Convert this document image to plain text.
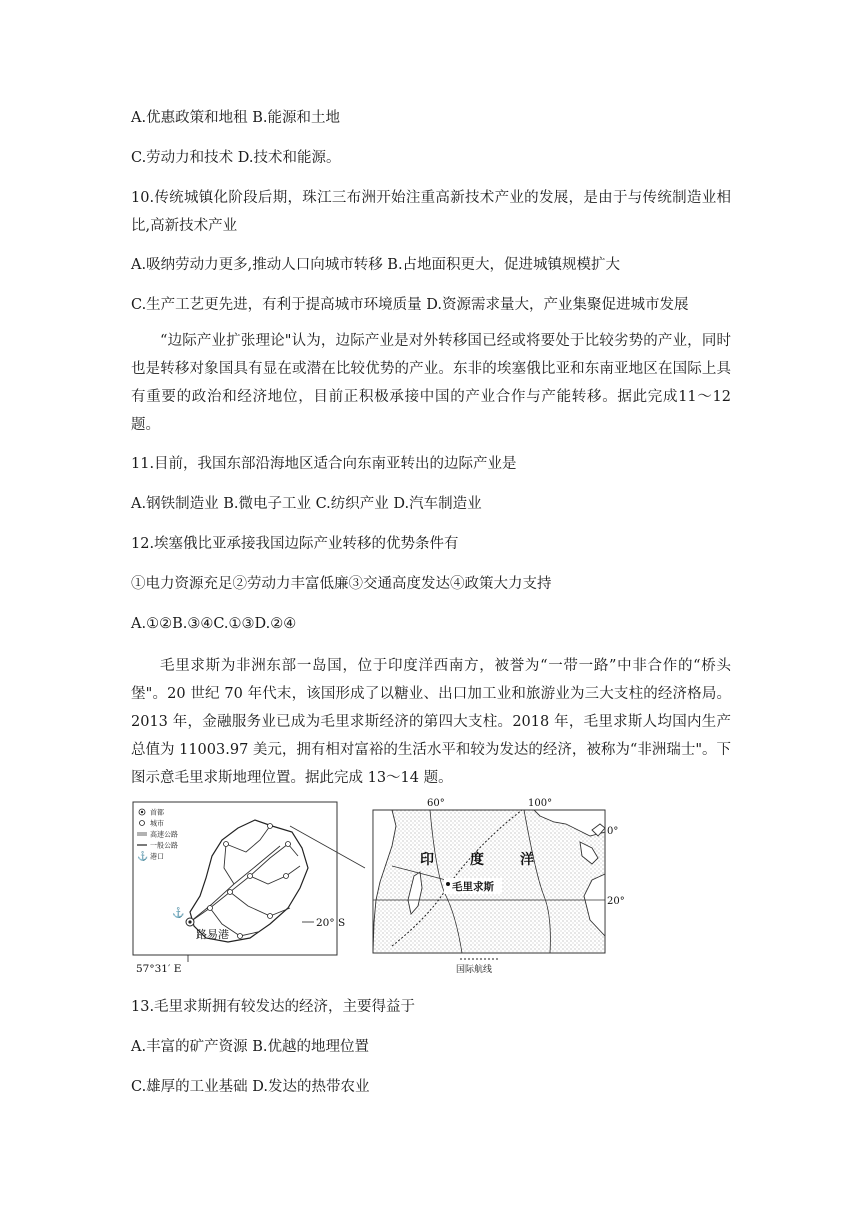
A.优惠政策和地租 B.能源和土地
C.劳动力和技术 D.技术和能源。
10.传统城镇化阶段后期，珠江三布洲开始注重高新技术产业的发展，是由于与传统制造业相比,高新技术产业
A.吸纳劳动力更多,推动人口向城市转移 B.占地面积更大，促进城镇规模扩大
C.生产工艺更先进，有利于提高城市环境质量 D.资源需求量大，产业集聚促进城市发展
“边际产业扩张理论"认为，边际产业是对外转移国已经或将要处于比较劣势的产业，同时也是转移对象国具有显在或潜在比较优势的产业。东非的埃塞俄比亚和东南亚地区在国际上具有重要的政治和经济地位，目前正积极承接中国的产业合作与产能转移。据此完成11～12 题。
11.目前，我国东部沿海地区适合向东南亚转出的边际产业是
A.钢铁制造业 B.微电子工业 C.纺织产业 D.汽车制造业
12.埃塞俄比亚承接我国边际产业转移的优势条件有
①电力资源充足②劳动力丰富低廉③交通高度发达④政策大力支持
A.①②B.③④C.①③D.②④
毛里求斯为非洲东部一岛国，位于印度洋西南方，被誉为“一带一路”中非合作的“桥头堡"。20 世纪 70 年代末，该国形成了以糖业、出口加工业和旅游业为三大支柱的经济格局。2013 年，金融服务业已成为毛里求斯经济的第四大支柱。2018 年，毛里求斯人均国内生产总值为 11003.97 美元，拥有相对富裕的生活水平和较为发达的经济，被称为“非洲瑞士"。下图示意毛里求斯地理位置。据此完成 13～14 题。
首都
城市
高速公路
一般公路
⚓ 港口
⚓
路易港
20° S
57°31′ E
60°	100°
0°
20°
印	度	洋
毛里求斯
国际航线
13.毛里求斯拥有较发达的经济，主要得益于
A.丰富的矿产资源 B.优越的地理位置
C.雄厚的工业基础 D.发达的热带农业
